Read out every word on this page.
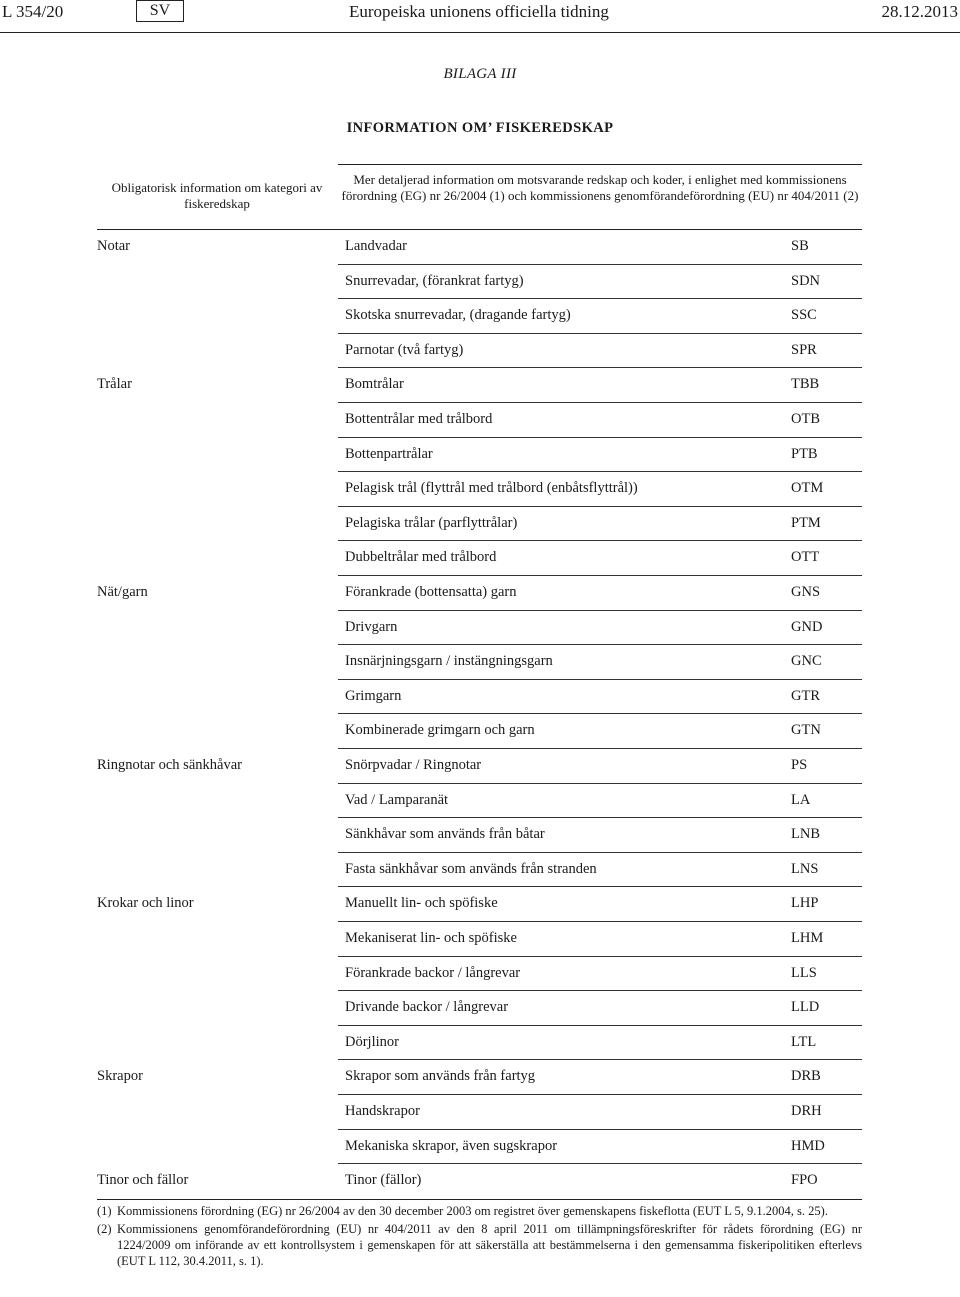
L 354/20	SV	Europeiska unionens officiella tidning	28.12.2013
BILAGA III
INFORMATION OM’ FISKEREDSKAP
Obligatorisk information om kategori av fiskeredskap
Mer detaljerad information om motsvarande redskap och koder, i enlighet med kommissionens förordning (EG) nr 26/2004 (1) och kommissionens genomförandeförordning (EU) nr 404/2011 (2)
Notar	Landvadar	SB
Snurrevadar, (förankrat fartyg)	SDN
Skotska snurrevadar, (dragande fartyg)	SSC
Parnotar (två fartyg)	SPR
Trålar	Bomtrålar	TBB
Bottentrålar med trålbord	OTB
Bottenpartrålar	PTB
Pelagisk trål (flyttrål med trålbord (enbåtsflyttrål))	OTM
Pelagiska trålar (parflyttrålar)	PTM
Dubbeltrålar med trålbord	OTT
Nät/garn	Förankrade (bottensatta) garn	GNS
Drivgarn	GND
Insnärjningsgarn / instängningsgarn	GNC
Grimgarn	GTR
Kombinerade grimgarn och garn	GTN
Ringnotar och sänkhåvar	Snörpvadar / Ringnotar	PS
Vad / Lamparanät	LA
Sänkhåvar som används från båtar	LNB
Fasta sänkhåvar som används från stranden	LNS
Krokar och linor	Manuellt lin- och spöfiske	LHP
Mekaniserat lin- och spöfiske	LHM
Förankrade backor / långrevar	LLS
Drivande backor / långrevar	LLD
Dörjlinor	LTL
Skrapor	Skrapor som används från fartyg	DRB
Handskrapor	DRH
Mekaniska skrapor, även sugskrapor	HMD
Tinor och fällor	Tinor (fällor)	FPO
(1) Kommissionens förordning (EG) nr 26/2004 av den 30 december 2003 om registret över gemenskapens fiskeflotta (EUT L 5, 9.1.2004, s. 25).
(2) Kommissionens genomförandeförordning (EU) nr 404/2011 av den 8 april 2011 om tillämpningsföreskrifter för rådets förordning (EG) nr 1224/2009 om införande av ett kontrollsystem i gemenskapen för att säkerställa att bestämmelserna i den gemensamma fiskeripolitiken efterlevs (EUT L 112, 30.4.2011, s. 1).
